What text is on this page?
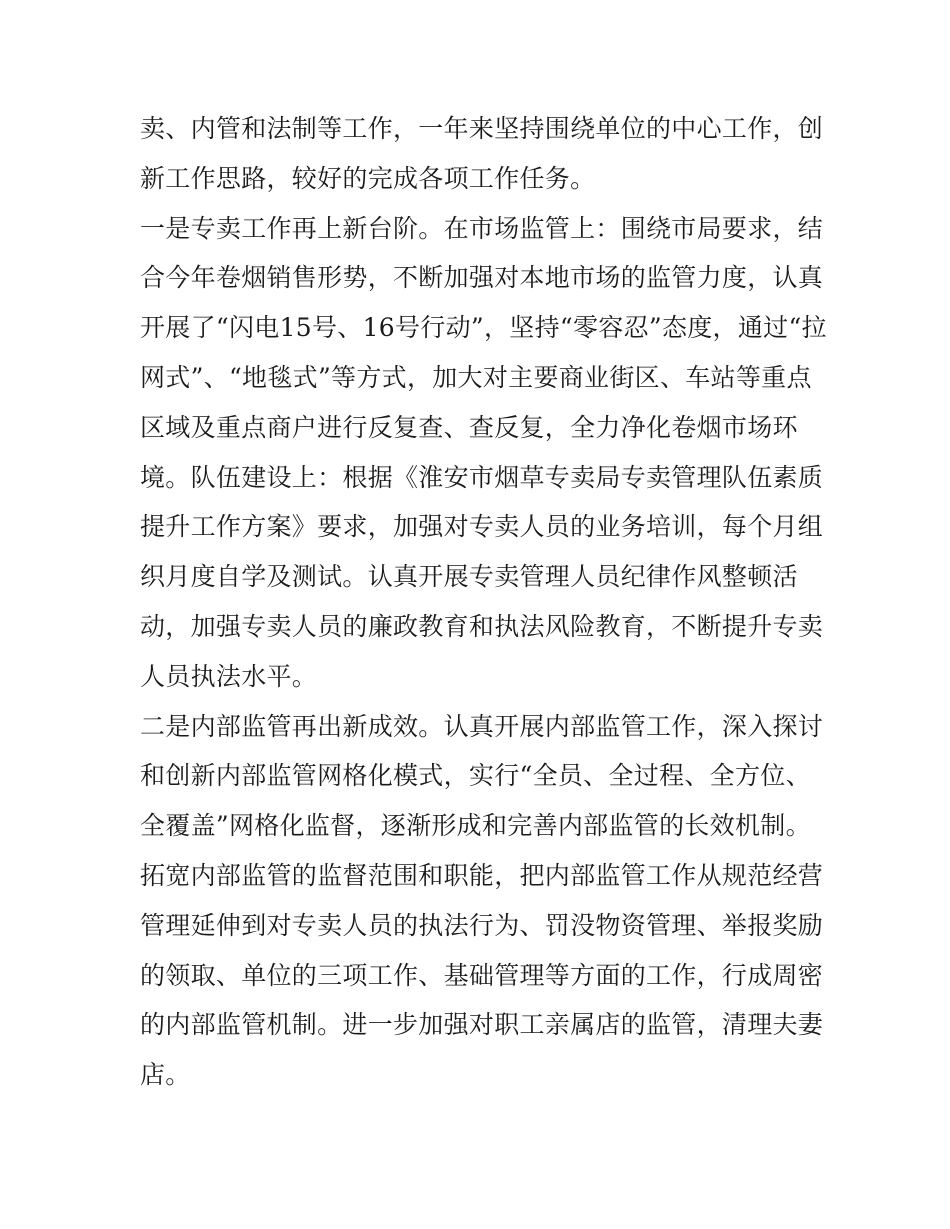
卖、内管和法制等工作，一年来坚持围绕单位的中心工作，创
新工作思路，较好的完成各项工作任务。
一是专卖工作再上新台阶。在市场监管上：围绕市局要求，结
合今年卷烟销售形势，不断加强对本地市场的监管力度，认真
开展了“闪电15号、16号行动”，坚持“零容忍”态度，通过“拉
网式”、“地毯式”等方式，加大对主要商业街区、车站等重点
区域及重点商户进行反复查、查反复，全力净化卷烟市场环
境。队伍建设上：根据《淮安市烟草专卖局专卖管理队伍素质
提升工作方案》要求，加强对专卖人员的业务培训，每个月组
织月度自学及测试。认真开展专卖管理人员纪律作风整顿活
动，加强专卖人员的廉政教育和执法风险教育，不断提升专卖
人员执法水平。
二是内部监管再出新成效。认真开展内部监管工作，深入探讨
和创新内部监管网格化模式，实行“全员、全过程、全方位、
全覆盖”网格化监督，逐渐形成和完善内部监管的长效机制。
拓宽内部监管的监督范围和职能，把内部监管工作从规范经营
管理延伸到对专卖人员的执法行为、罚没物资管理、举报奖励
的领取、单位的三项工作、基础管理等方面的工作，行成周密
的内部监管机制。进一步加强对职工亲属店的监管，清理夫妻
店。
